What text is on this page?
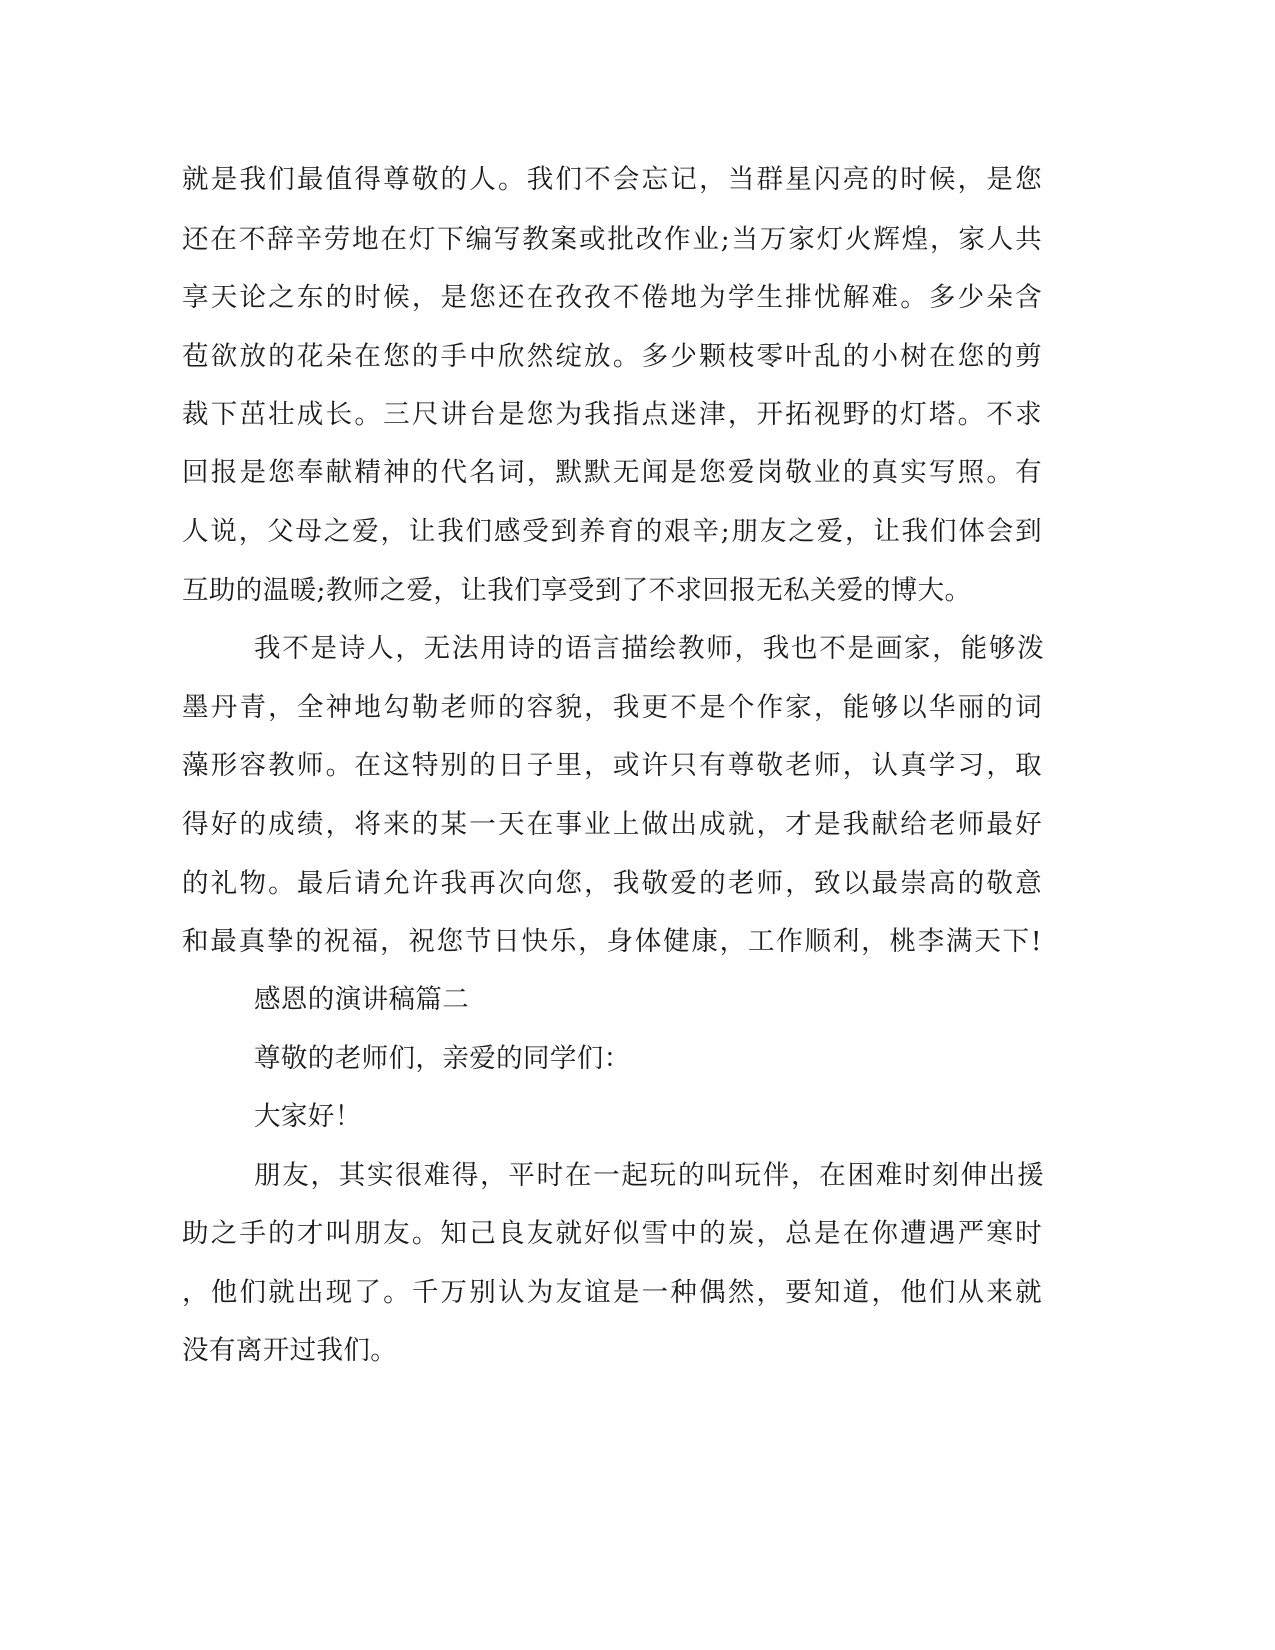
就是我们最值得尊敬的人。我们不会忘记，当群星闪亮的时候，是您
还在不辞辛劳地在灯下编写教案或批改作业;当万家灯火辉煌，家人共
享天论之东的时候，是您还在孜孜不倦地为学生排忧解难。多少朵含
苞欲放的花朵在您的手中欣然绽放。多少颗枝零叶乱的小树在您的剪
裁下茁壮成长。三尺讲台是您为我指点迷津，开拓视野的灯塔。不求
回报是您奉献精神的代名词，默默无闻是您爱岗敬业的真实写照。有
人说，父母之爱，让我们感受到养育的艰辛;朋友之爱，让我们体会到
互助的温暖;教师之爱，让我们享受到了不求回报无私关爱的博大。
我不是诗人，无法用诗的语言描绘教师，我也不是画家，能够泼
墨丹青，全神地勾勒老师的容貌，我更不是个作家，能够以华丽的词
藻形容教师。在这特别的日子里，或许只有尊敬老师，认真学习，取
得好的成绩，将来的某一天在事业上做出成就，才是我献给老师最好
的礼物。最后请允许我再次向您，我敬爱的老师，致以最崇高的敬意
和最真挚的祝福，祝您节日快乐，身体健康，工作顺利，桃李满天下!
感恩的演讲稿篇二
尊敬的老师们，亲爱的同学们：
大家好！
朋友，其实很难得，平时在一起玩的叫玩伴，在困难时刻伸出援
助之手的才叫朋友。知己良友就好似雪中的炭，总是在你遭遇严寒时
，他们就出现了。千万别认为友谊是一种偶然，要知道，他们从来就
没有离开过我们。
